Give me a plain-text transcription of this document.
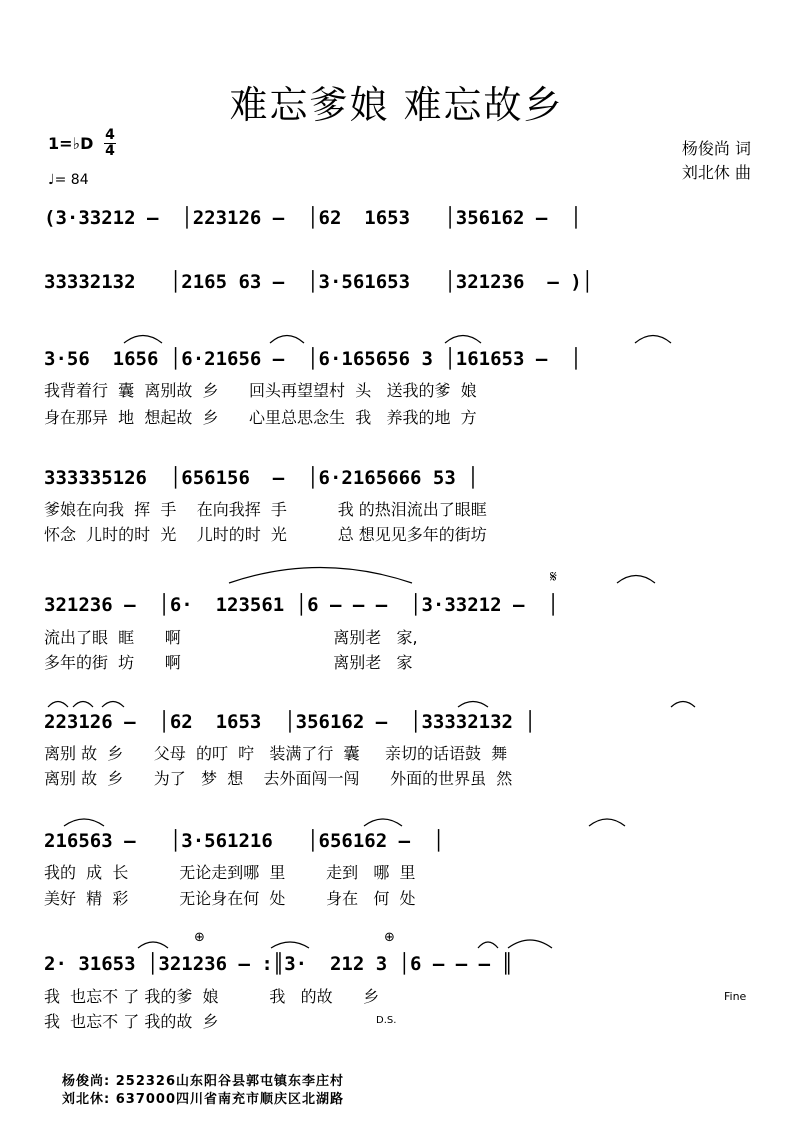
难忘爹娘 难忘故乡
杨俊尚 词
刘北休 曲
1=♭D 4
4
♩= 84
(3·33212 –  │223126 –  │62  1653   │356162 –  │
33332132   │2165 63 –  │3·561653   │321236  – )│
3·56  1656 │6·21656 –  │6·165656 3 │161653 –  │
我背着行  囊  离别故  乡      回头再望望村  头   送我的爹  娘
身在那异  地  想起故  乡      心里总思念生  我   养我的地  方
333335126  │656156  –  │6·2165666 53 │
爹娘在向我  挥  手    在向我挥  手          我 的热泪流出了眼眶
怀念  儿时的时  光    儿时的时  光          总 想见见多年的街坊
𝄋
321236 –  │6·  123561 │6 – – –  │3·33212 –  │
流出了眼  眶      啊                              离别老   家,
多年的街  坊      啊                              离别老   家
223126 –  │62  1653  │356162 –  │33332132 │
离别 故  乡      父母  的叮  咛   装满了行  囊     亲切的话语鼓  舞
离别 故  乡      为了   梦  想    去外面闯一闯      外面的世界虽  然
216563 –   │3·561216   │656162 –  │
我的  成  长          无论走到哪  里        走到   哪  里
美好  精  彩          无论身在何  处        身在   何  处
⊕	⊕
2· 31653 │321236 – :║3·  212 3 │6 – – – ║
我  也忘不 了 我的爹  娘          我   的故      乡
我  也忘不 了 我的故  乡
Fine
D.S.
杨俊尚: 252326山东阳谷县郭屯镇东李庄村
刘北休: 637000四川省南充市顺庆区北湖路
